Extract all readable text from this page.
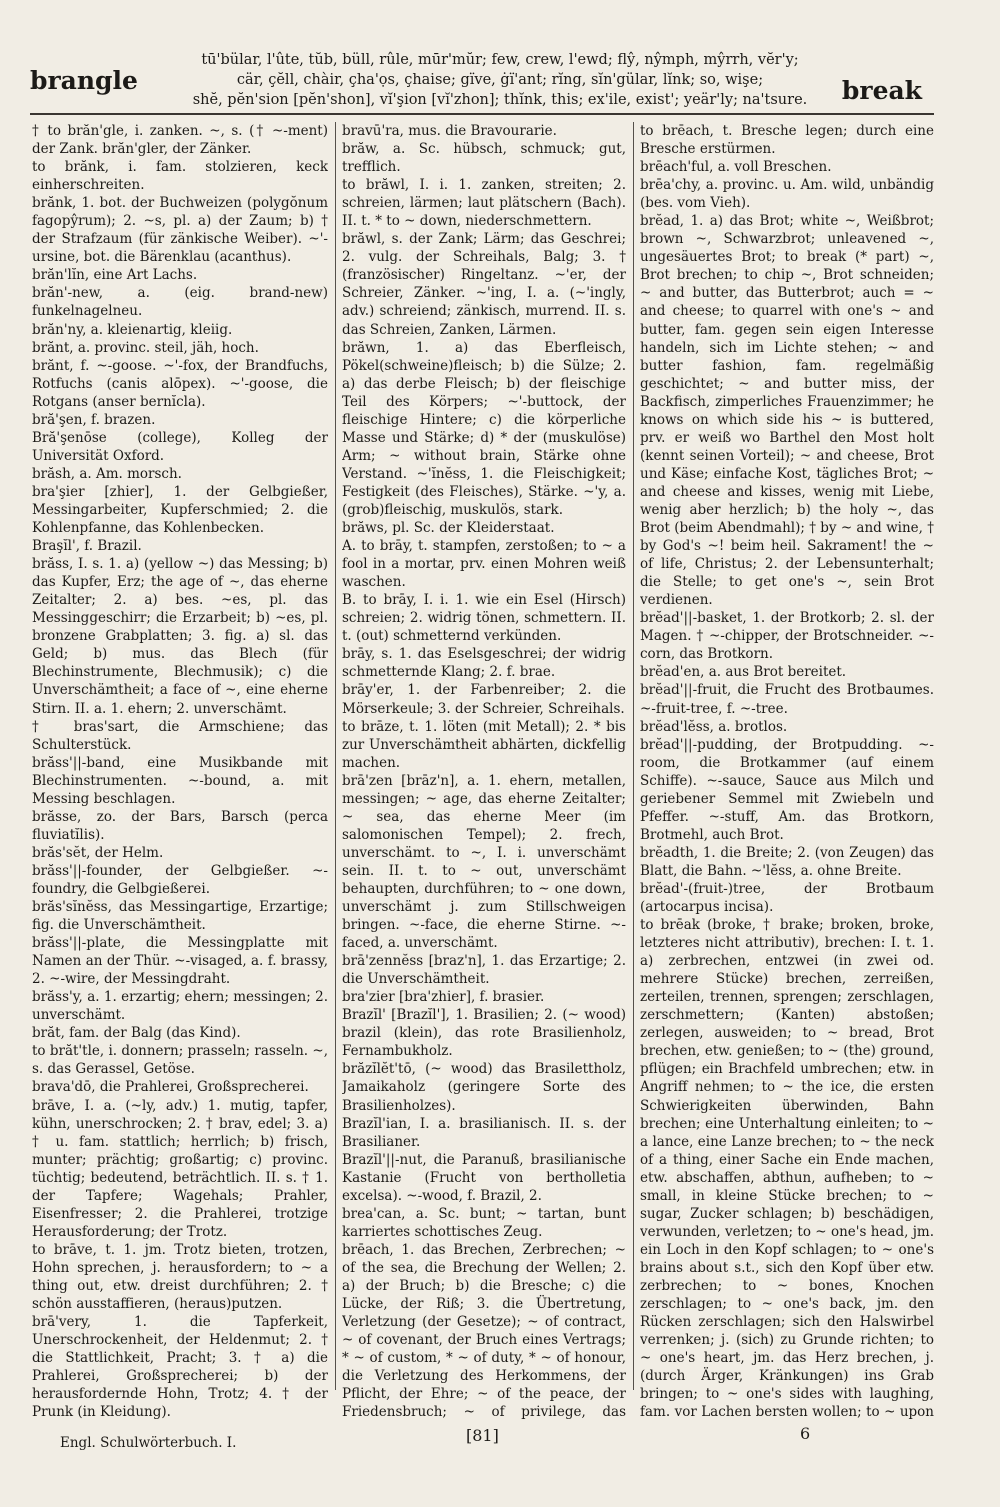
brangle
tū'bülar, l'ûte, tŭb, büll, rûle, mūr'mŭr; few, crew, l'ewd; flŷ, nŷmph, mŷrrh, vĕr'y;
cär, çĕll, chàir, çha'ọs, çhaise; gïve, ġï'ant; rĭng, sĭn'gülar, lĭnk; so, wişe;
shĕ, pĕn'sion [pĕn'shon], vĭ'şion [vĭ'zhon]; thĭnk, this; ex'ile, exist'; yeär'ly; na'tsure. break

† to brăn'gle, i. zanken. ~, s. († ~-ment) der Zank. brăn'gler, der Zänker.

to brănk, i. fam. stolzieren, keck einherschreiten.

brănk, 1. bot. der Buchweizen (polygŏnum fagopŷrum); 2. ~s, pl. a) der Zaum; b) † der Strafzaum (für zänkische Weiber). ~'-ursine, bot. die Bärenklau (acanthus).

brăn'lĭn, eine Art Lachs.

brăn'-new, a. (eig. brand-new) funkelnagelneu.

brăn'ny, a. kleienartig, kleiig.

brănt, a. provinc. steil, jäh, hoch.

brănt, f. ~-goose. ~'-fox, der Brandfuchs, Rotfuchs (canis alōpex). ~'-goose, die Rotgans (anser bernĭcla).

bră'şen, f. brazen.

Bră'şenōse (college), Kolleg der Universität Oxford.

brăsh, a. Am. morsch.

bra'şier [zhier], 1. der Gelbgießer, Messingarbeiter, Kupferschmied; 2. die Kohlenpfanne, das Kohlenbecken.

Braşĭl', f. Brazil.

brăss, I. s. 1. a) (yellow ~) das Messing; b) das Kupfer, Erz; the age of ~, das eherne Zeitalter; 2. a) bes. ~es, pl. das Messinggeschirr; die Erzarbeit; b) ~es, pl. bronzene Grabplatten; 3. fig. a) sl. das Geld; b) mus. das Blech (für Blechinstrumente, Blechmusik); c) die Unverschämtheit; a face of ~, eine eherne Stirn. II. a. 1. ehern; 2. unverschämt.

† bras'sart, die Armschiene; das Schulterstück.

brăss'||-band, eine Musikbande mit Blechinstrumenten. ~-bound, a. mit Messing beschlagen.

brăsse, zo. der Bars, Barsch (perca fluviatĭlis).

brăs'sĕt, der Helm.

brăss'||-founder, der Gelbgießer. ~-foundry, die Gelbgießerei.

brăs'sĭnĕss, das Messingartige, Erzartige; fig. die Unverschämtheit.

brăss'||-plate, die Messingplatte mit Namen an der Thür. ~-visaged, a. f. brassy, 2. ~-wire, der Messingdraht.

brăss'y, a. 1. erzartig; ehern; messingen; 2. unverschämt.

brăt, fam. der Balg (das Kind).

to brăt'tle, i. donnern; prasseln; rasseln. ~, s. das Gerassel, Getöse.

brava'dō, die Prahlerei, Großsprecherei.

brāve, I. a. (~ly, adv.) 1. mutig, tapfer, kühn, unerschrocken; 2. † brav, edel; 3. a) † u. fam. stattlich; herrlich; b) frisch, munter; prächtig; großartig; c) provinc. tüchtig; bedeutend, beträchtlich. II. s. † 1. der Tapfere; Wagehals; Prahler, Eisenfresser; 2. die Prahlerei, trotzige Herausforderung; der Trotz.

to brāve, t. 1. jm. Trotz bieten, trotzen, Hohn sprechen, j. herausfordern; to ~ a thing out, etw. dreist durchführen; 2. † schön ausstaffieren, (heraus)putzen.

brā'very, 1. die Tapferkeit, Unerschrockenheit, der Heldenmut; 2. † die Stattlichkeit, Pracht; 3. † a) die Prahlerei, Großsprecherei; b) der herausfordernde Hohn, Trotz; 4. † der Prunk (in Kleidung).

bravū'ra, mus. die Bravourarie.

brăw, a. Sc. hübsch, schmuck; gut, trefflich.

to brăwl, I. i. 1. zanken, streiten; 2. schreien, lärmen; laut plätschern (Bach). II. t. * to ~ down, niederschmettern.

brăwl, s. der Zank; Lärm; das Geschrei; 2. vulg. der Schreihals, Balg; 3. † (französischer) Ringeltanz. ~'er, der Schreier, Zänker. ~'ing, I. a. (~'ingly, adv.) schreiend; zänkisch, murrend. II. s. das Schreien, Zanken, Lärmen.

brăwn, 1. a) das Eberfleisch, Pökel(schweine)fleisch; b) die Sülze; 2. a) das derbe Fleisch; b) der fleischige Teil des Körpers; ~'-buttock, der fleischige Hintere; c) die körperliche Masse und Stärke; d) * der (muskulöse) Arm; ~ without brain, Stärke ohne Verstand. ~'ĭnĕss, 1. die Fleischigkeit; Festigkeit (des Fleisches), Stärke. ~'y, a. (grob)fleischig, muskulös, stark.

brăws, pl. Sc. der Kleiderstaat.

A. to brāy, t. stampfen, zerstoßen; to ~ a fool in a mortar, prv. einen Mohren weiß waschen.

B. to brāy, I. i. 1. wie ein Esel (Hirsch) schreien; 2. widrig tönen, schmettern. II. t. (out) schmetternd verkünden.

brāy, s. 1. das Eselsgeschrei; der widrig schmetternde Klang; 2. f. brae.

brāy'er, 1. der Farbenreiber; 2. die Mörserkeule; 3. der Schreier, Schreihals.

to brāze, t. 1. löten (mit Metall); 2. * bis zur Unverschämtheit abhärten, dickfellig machen.

brā'zen [brāz'n], a. 1. ehern, metallen, messingen; ~ age, das eherne Zeitalter; ~ sea, das eherne Meer (im salomonischen Tempel); 2. frech, unverschämt. to ~, I. i. unverschämt sein. II. t. to ~ out, unverschämt behaupten, durchführen; to ~ one down, unverschämt j. zum Stillschweigen bringen. ~-face, die eherne Stirne. ~-faced, a. unverschämt.

brā'zennĕss [braz'n], 1. das Erzartige; 2. die Unverschämtheit.

bra'zier [bra'zhier], f. brasier.

Brazĭl' [Brazĭl'], 1. Brasilien; 2. (~ wood) brazil (klein), das rote Brasilienholz, Fernambukholz.

brăzĭlĕt'tō, (~ wood) das Brasilettholz, Jamaikaholz (geringere Sorte des Brasilienholzes).

Brazĭl'ian, I. a. brasilianisch. II. s. der Brasilianer.

Brazĭl'||-nut, die Paranuß, brasilianische Kastanie (Frucht von bertholletia excelsa). ~-wood, f. Brazil, 2.

brea'can, a. Sc. bunt; ~ tartan, bunt karriertes schottisches Zeug.

brēach, 1. das Brechen, Zerbrechen; ~ of the sea, die Brechung der Wellen; 2. a) der Bruch; b) die Bresche; c) die Lücke, der Riß; 3. die Übertretung, Verletzung (der Gesetze); ~ of contract, ~ of covenant, der Bruch eines Vertrags; * ~ of custom, * ~ of duty, * ~ of honour, die Verletzung des Herkommens, der Pflicht, der Ehre; ~ of the peace, der Friedensbruch; ~ of privilege, das

to brēach, t. Bresche legen; durch eine Bresche erstürmen.

brēach'ful, a. voll Breschen.

brēa'chy, a. provinc. u. Am. wild, unbändig (bes. vom Vieh).

brĕad, 1. a) das Brot; white ~, Weißbrot; brown ~, Schwarzbrot; unleavened ~, ungesäuertes Brot; to break (* part) ~, Brot brechen; to chip ~, Brot schneiden; ~ and butter, das Butterbrot; auch = ~ and cheese; to quarrel with one's ~ and butter, fam. gegen sein eigen Interesse handeln, sich im Lichte stehen; ~ and butter fashion, fam. regelmäßig geschichtet; ~ and butter miss, der Backfisch, zimperliches Frauenzimmer; he knows on which side his ~ is buttered, prv. er weiß wo Barthel den Most holt (kennt seinen Vorteil); ~ and cheese, Brot und Käse; einfache Kost, tägliches Brot; ~ and cheese and kisses, wenig mit Liebe, wenig aber herzlich; b) the holy ~, das Brot (beim Abendmahl); † by ~ and wine, † by God's ~! beim heil. Sakrament! the ~ of life, Christus; 2. der Lebensunterhalt; die Stelle; to get one's ~, sein Brot verdienen.

brĕad'||-basket, 1. der Brotkorb; 2. sl. der Magen. † ~-chipper, der Brotschneider. ~-corn, das Brotkorn.

brĕad'en, a. aus Brot bereitet.

brĕad'||-fruit, die Frucht des Brotbaumes. ~-fruit-tree, f. ~-tree.

brĕad'lĕss, a. brotlos.

brĕad'||-pudding, der Brotpudding. ~-room, die Brotkammer (auf einem Schiffe). ~-sauce, Sauce aus Milch und geriebener Semmel mit Zwiebeln und Pfeffer. ~-stuff, Am. das Brotkorn, Brotmehl, auch Brot.

brĕadth, 1. die Breite; 2. (von Zeugen) das Blatt, die Bahn. ~'lĕss, a. ohne Breite.

brĕad'-(fruit-)tree, der Brotbaum (artocarpus incisa).

to brēak (broke, † brake; broken, broke, letzteres nicht attributiv), brechen: I. t. 1. a) zerbrechen, entzwei (in zwei od. mehrere Stücke) brechen, zerreißen, zerteilen, trennen, sprengen; zerschlagen, zerschmettern; (Kanten) abstoßen; zerlegen, ausweiden; to ~ bread, Brot brechen, etw. genießen; to ~ (the) ground, pflügen; ein Brachfeld umbrechen; etw. in Angriff nehmen; to ~ the ice, die ersten Schwierigkeiten überwinden, Bahn brechen; eine Unterhaltung einleiten; to ~ a lance, eine Lanze brechen; to ~ the neck of a thing, einer Sache ein Ende machen, etw. abschaffen, abthun, aufheben; to ~ small, in kleine Stücke brechen; to ~ sugar, Zucker schlagen; b) beschädigen, verwunden, verletzen; to ~ one's head, jm. ein Loch in den Kopf schlagen; to ~ one's brains about s.t., sich den Kopf über etw. zerbrechen; to ~ bones, Knochen zerschlagen; to ~ one's back, jm. den Rücken zerschlagen; sich den Halswirbel verrenken; j. (sich) zu Grunde richten; to ~ one's heart, jm. das Herz brechen, j. (durch Ärger, Kränkungen) ins Grab bringen; to ~ one's sides with laughing, fam. vor Lachen bersten wollen; to ~ upon

Engl. Schulwörterbuch. I.	[81]	6
